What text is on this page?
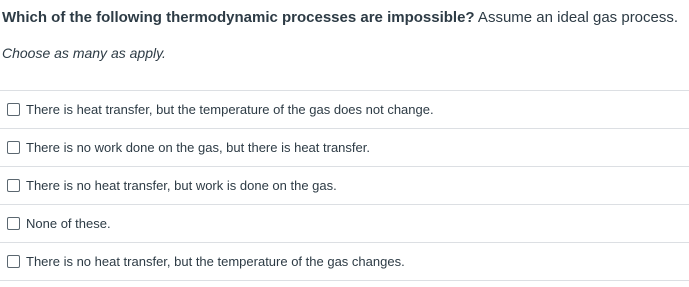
Which of the following thermodynamic processes are impossible? Assume an ideal gas process.
Choose as many as apply.
There is heat transfer, but the temperature of the gas does not change.
There is no work done on the gas, but there is heat transfer.
There is no heat transfer, but work is done on the gas.
None of these.
There is no heat transfer, but the temperature of the gas changes.
